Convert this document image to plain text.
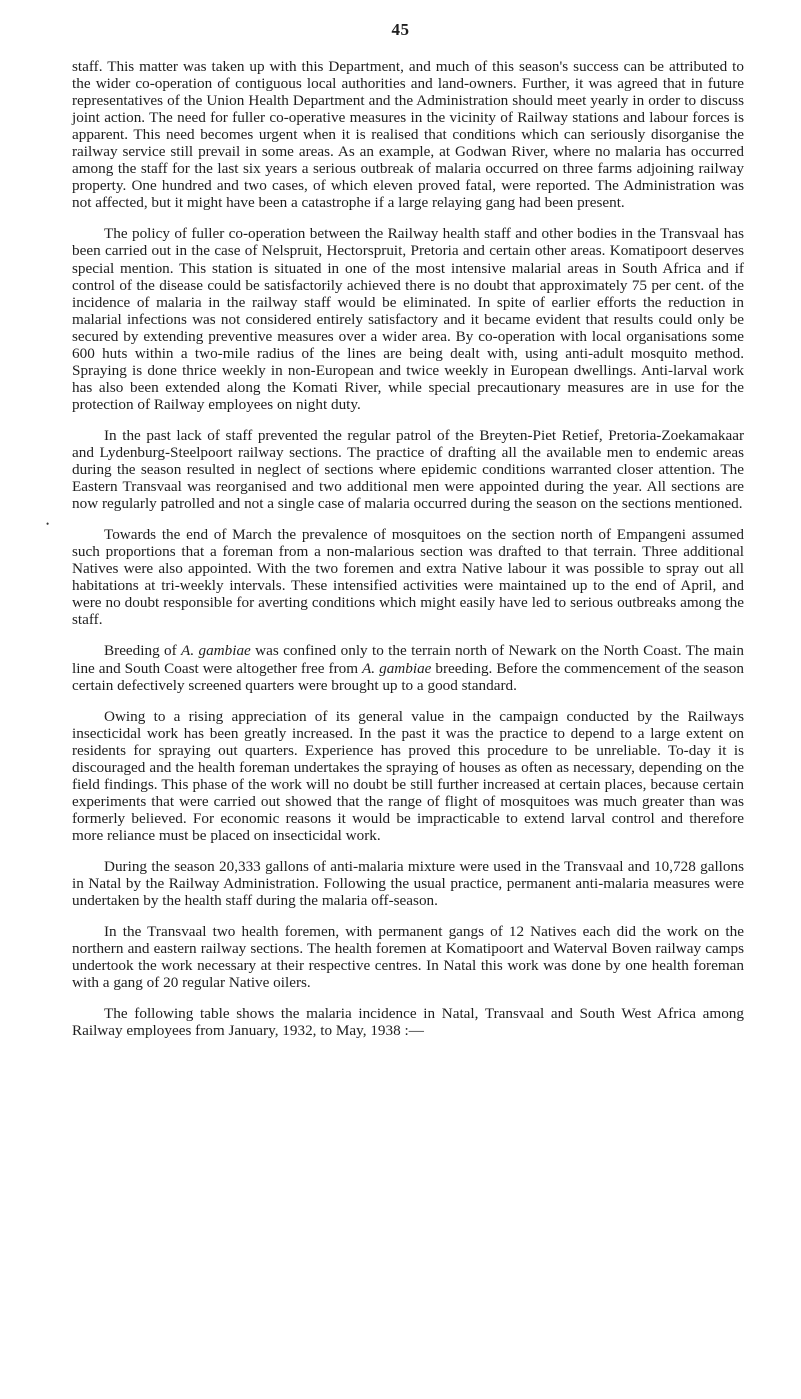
45
•

staff. This matter was taken up with this Department, and much of this season's success can be attributed to the wider co-operation of contiguous local authorities and land-owners. Further, it was agreed that in future representatives of the Union Health Department and the Administration should meet yearly in order to discuss joint action. The need for fuller co-operative measures in the vicinity of Railway stations and labour forces is apparent. This need becomes urgent when it is realised that conditions which can seriously disorganise the railway service still prevail in some areas. As an example, at Godwan River, where no malaria has occurred among the staff for the last six years a serious outbreak of malaria occurred on three farms adjoining railway property. One hundred and two cases, of which eleven proved fatal, were reported. The Administration was not affected, but it might have been a catastrophe if a large relaying gang had been present.

The policy of fuller co-operation between the Railway health staff and other bodies in the Transvaal has been carried out in the case of Nelspruit, Hectorspruit, Pretoria and certain other areas. Komatipoort deserves special mention. This station is situated in one of the most intensive malarial areas in South Africa and if control of the disease could be satisfactorily achieved there is no doubt that approximately 75 per cent. of the incidence of malaria in the railway staff would be eliminated. In spite of earlier efforts the reduction in malarial infections was not considered entirely satisfactory and it became evident that results could only be secured by extending preventive measures over a wider area. By co-operation with local organisations some 600 huts within a two-mile radius of the lines are being dealt with, using anti-adult mosquito method. Spraying is done thrice weekly in non-European and twice weekly in European dwellings. Anti-larval work has also been extended along the Komati River, while special precautionary measures are in use for the protection of Railway employees on night duty.

In the past lack of staff prevented the regular patrol of the Breyten-Piet Retief, Pretoria-Zoekamakaar and Lydenburg-Steelpoort railway sections. The practice of drafting all the available men to endemic areas during the season resulted in neglect of sections where epidemic conditions warranted closer attention. The Eastern Transvaal was reorganised and two additional men were appointed during the year. All sections are now regularly patrolled and not a single case of malaria occurred during the season on the sections mentioned.

Towards the end of March the prevalence of mosquitoes on the section north of Empangeni assumed such proportions that a foreman from a non-malarious section was drafted to that terrain. Three additional Natives were also appointed. With the two foremen and extra Native labour it was possible to spray out all habitations at tri-weekly intervals. These intensified activities were maintained up to the end of April, and were no doubt responsible for averting conditions which might easily have led to serious outbreaks among the staff.

Breeding of A. gambiae was confined only to the terrain north of Newark on the North Coast. The main line and South Coast were altogether free from A. gambiae breeding. Before the commencement of the season certain defectively screened quarters were brought up to a good standard.

Owing to a rising appreciation of its general value in the campaign conducted by the Railways insecticidal work has been greatly increased. In the past it was the practice to depend to a large extent on residents for spraying out quarters. Experience has proved this procedure to be unreliable. To-day it is discouraged and the health foreman undertakes the spraying of houses as often as necessary, depending on the field findings. This phase of the work will no doubt be still further increased at certain places, because certain experiments that were carried out showed that the range of flight of mosquitoes was much greater than was formerly believed. For economic reasons it would be impracticable to extend larval control and therefore more reliance must be placed on insecticidal work.

During the season 20,333 gallons of anti-malaria mixture were used in the Transvaal and 10,728 gallons in Natal by the Railway Administration. Following the usual practice, permanent anti-malaria measures were undertaken by the health staff during the malaria off-season.

In the Transvaal two health foremen, with permanent gangs of 12 Natives each did the work on the northern and eastern railway sections. The health foremen at Komatipoort and Waterval Boven railway camps undertook the work necessary at their respective centres. In Natal this work was done by one health foreman with a gang of 20 regular Native oilers.

The following table shows the malaria incidence in Natal, Transvaal and South West Africa among Railway employees from January, 1932, to May, 1938 :—
